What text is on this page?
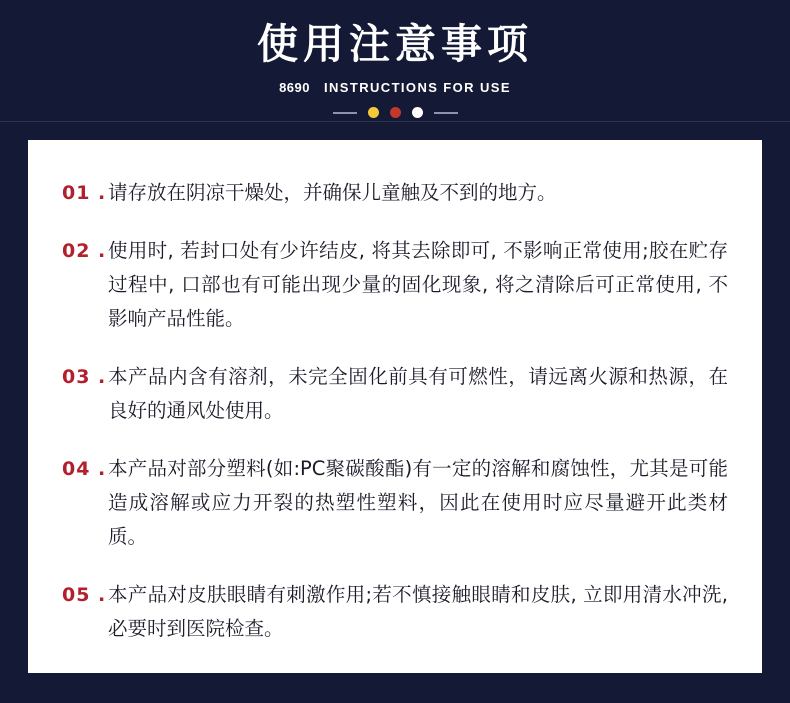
使用注意事项
8690 INSTRUCTIONS FOR USE
01 . 请存放在阴凉干燥处，并确保儿童触及不到的地方。
02 . 使用时, 若封口处有少许结皮, 将其去除即可, 不影响正常使用;胶在贮存过程中, 口部也有可能出现少量的固化现象, 将之清除后可正常使用, 不影响产品性能。
03 . 本产品内含有溶剂，未完全固化前具有可燃性，请远离火源和热源，在良好的通风处使用。
04 . 本产品对部分塑料(如:PC聚碳酸酯)有一定的溶解和腐蚀性，尤其是可能造成溶解或应力开裂的热塑性塑料，因此在使用时应尽量避开此类材质。
05 . 本产品对皮肤眼睛有刺激作用;若不慎接触眼睛和皮肤, 立即用清水冲洗, 必要时到医院检查。
